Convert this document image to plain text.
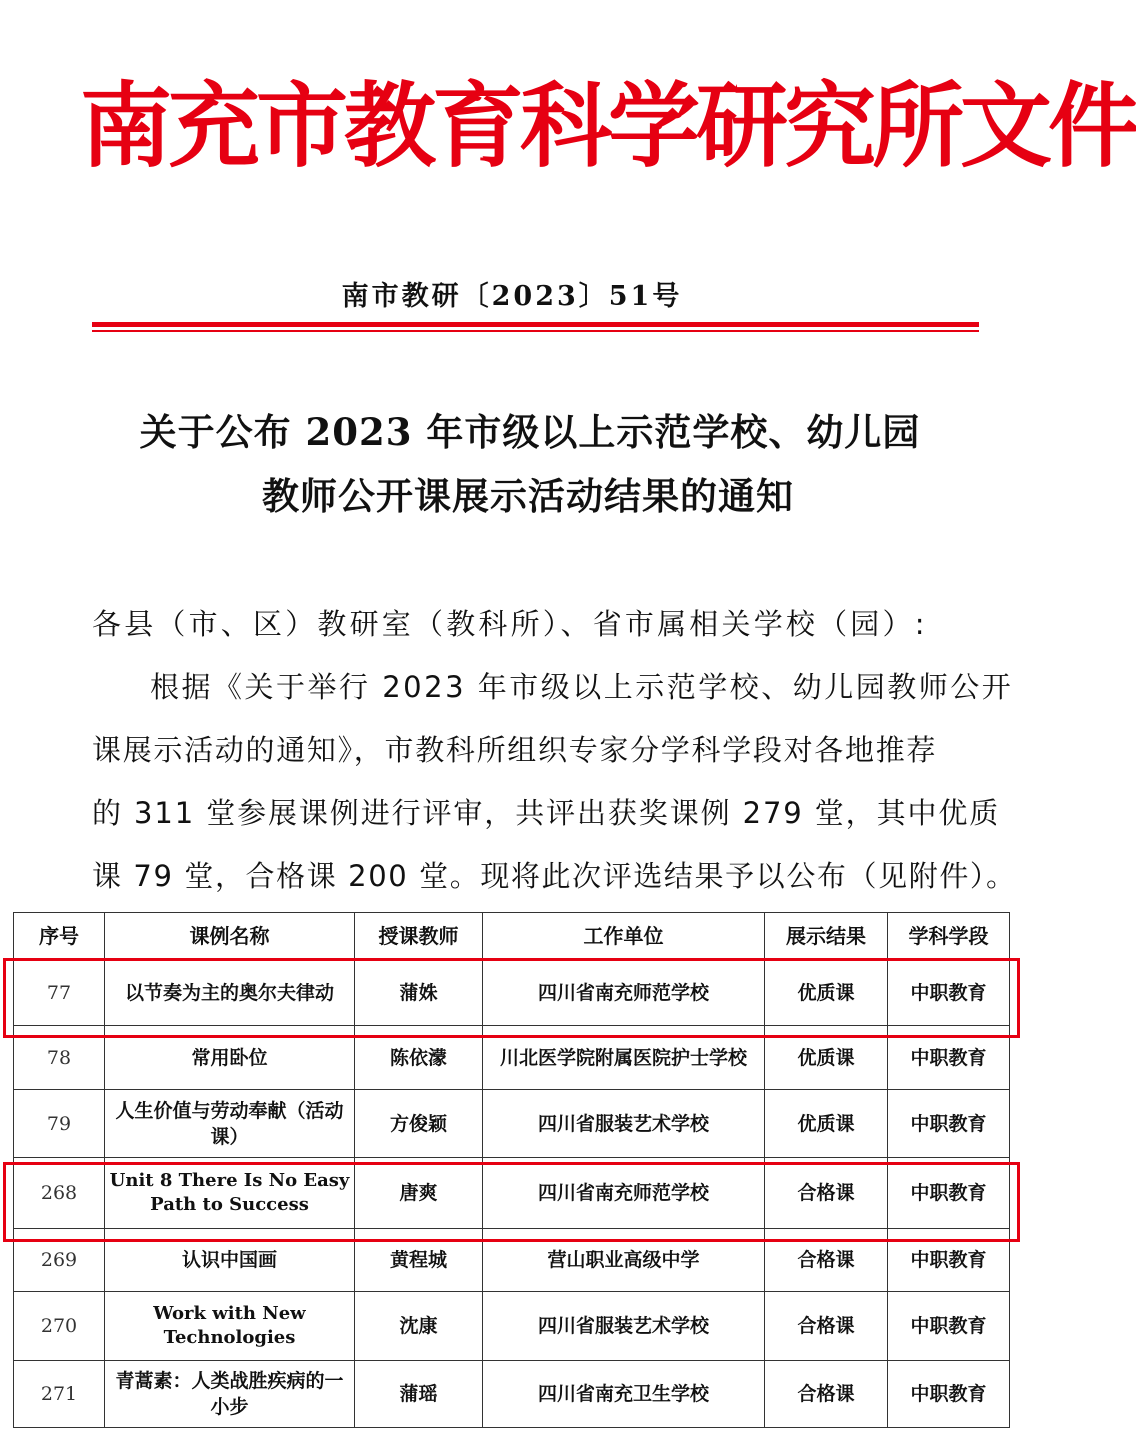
南充市教育科学研究所文件
南市教研〔2023〕51号
关于公布 2023 年市级以上示范学校、幼儿园
教师公开课展示活动结果的通知
各县（市、区）教研室（教科所）、省市属相关学校（园）:
根据《关于举行 2023 年市级以上示范学校、幼儿园教师公开
课展示活动的通知》，市教科所组织专家分学科学段对各地推荐
的 311 堂参展课例进行评审，共评出获奖课例 279 堂，其中优质
课 79 堂，合格课 200 堂。现将此次评选结果予以公布（见附件）。
序号	课例名称	授课教师	工作单位	展示结果	学科学段
77	以节奏为主的奥尔夫律动	蒲姝	四川省南充师范学校	优质课	中职教育
78	常用卧位	陈依濛	川北医学院附属医院护士学校	优质课	中职教育
79	人生价值与劳动奉献（活动课）	方俊颖	四川省服装艺术学校	优质课	中职教育
268	Unit 8 There Is No Easy Path to Success	唐爽	四川省南充师范学校	合格课	中职教育
269	认识中国画	黄程城	营山职业高级中学	合格课	中职教育
270	Work with New Technologies	沈康	四川省服装艺术学校	合格课	中职教育
271	青蒿素：人类战胜疾病的一小步	蒲瑶	四川省南充卫生学校	合格课	中职教育
